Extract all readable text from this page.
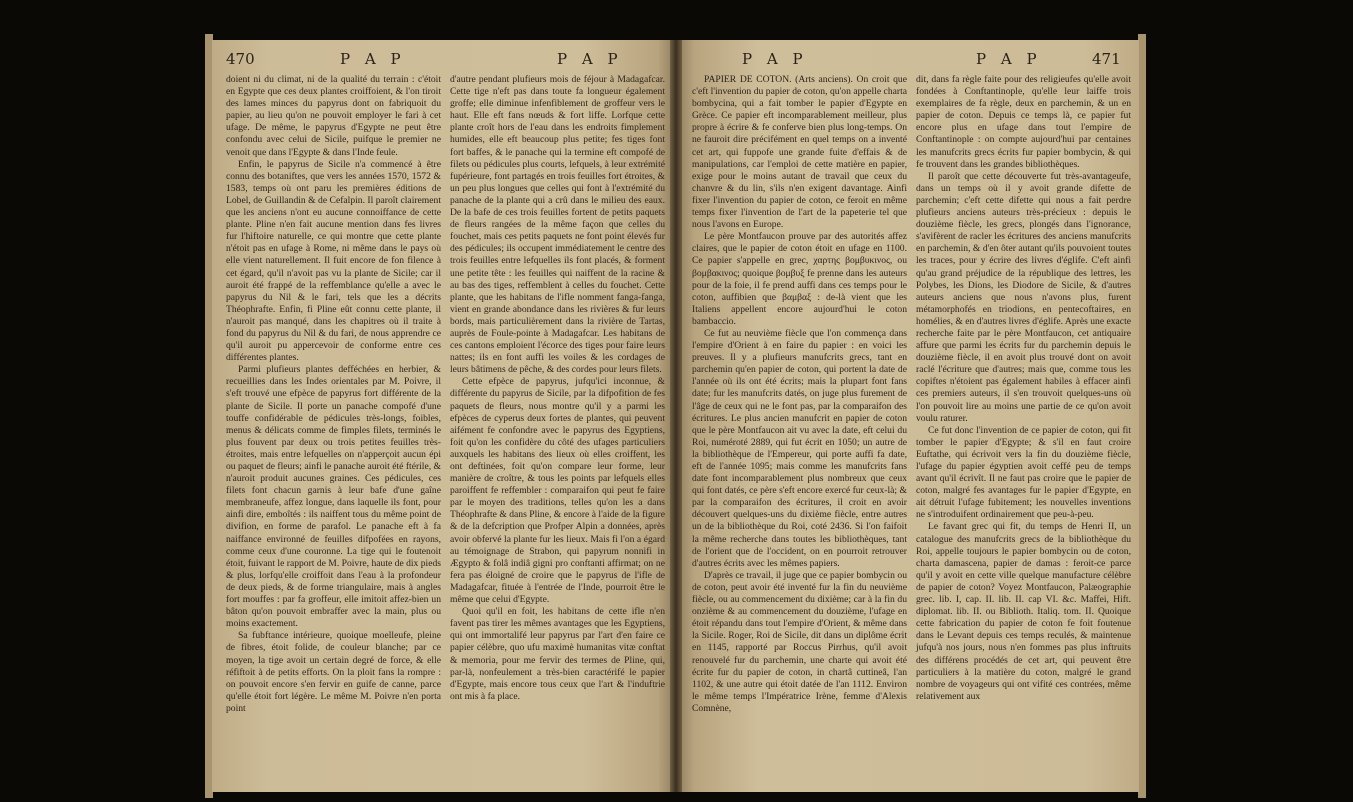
470	P A P	P A P

doient ni du climat, ni de la qualité du terrain : c'étoit en Egypte que ces deux plantes croiffoient, & l'on tiroit des lames minces du papyrus dont on fabriquoit du papier, au lieu qu'on ne pouvoit employer le fari à cet ufage. De même, le papyrus d'Egypte ne peut être confondu avec celui de Sicile, puifque le premier ne venoit que dans l'Egypte & dans l'Inde feule.

Enfin, le papyrus de Sicile n'a commencé à être connu des botaniftes, que vers les années 1570, 1572 & 1583, temps où ont paru les premières éditions de Lobel, de Guillandin & de Cefalpin. Il paroît clairement que les anciens n'ont eu aucune connoiffance de cette plante. Pline n'en fait aucune mention dans fes livres fur l'hiftoire naturelle, ce qui montre que cette plante n'étoit pas en ufage à Rome, ni même dans le pays où elle vient naturellement. Il fuit encore de fon filence à cet égard, qu'il n'avoit pas vu la plante de Sicile; car il auroit été frappé de la reffemblance qu'elle a avec le papyrus du Nil & le fari, tels que les a décrits Théophrafte. Enfin, fi Pline eût connu cette plante, il n'auroit pas manqué, dans les chapitres où il traite à fond du papyrus du Nil & du fari, de nous apprendre ce qu'il auroit pu appercevoir de conforme entre ces différentes plantes.

Parmi plufieurs plantes defféchées en herbier, & recueillies dans les Indes orientales par M. Poivre, il s'eft trouvé une efpèce de papyrus fort différente de la plante de Sicile. Il porte un panache compofé d'une touffe confidérable de pédicules très-longs, foibles, menus & délicats comme de fimples filets, terminés le plus fouvent par deux ou trois petites feuilles très-étroites, mais entre lefquelles on n'apperçoit aucun épi ou paquet de fleurs; ainfi le panache auroit été ftérile, & n'auroit produit aucunes graines. Ces pédicules, ces filets font chacun garnis à leur bafe d'une gaîne membraneufe, affez longue, dans laquelle ils font, pour ainfi dire, emboîtés : ils naiffent tous du même point de divifion, en forme de parafol. Le panache eft à fa naiffance environné de feuilles difpofées en rayons, comme ceux d'une couronne. La tige qui le foutenoit étoit, fuivant le rapport de M. Poivre, haute de dix pieds & plus, lorfqu'elle croiffoit dans l'eau à la profondeur de deux pieds, & de forme triangulaire, mais à angles fort mouffes : par fa groffeur, elle imitoit affez-bien un bâton qu'on pouvoit embraffer avec la main, plus ou moins exactement.

Sa fubftance intérieure, quoique moelleufe, pleine de fibres, étoit folide, de couleur blanche; par ce moyen, la tige avoit un certain degré de force, & elle réfiftoit à de petits efforts. On la ploit fans la rompre : on pouvoit encore s'en fervir en guife de canne, parce qu'elle étoit fort légère. Le même M. Poivre n'en porta point

d'autre pendant plufieurs mois de féjour à Madagafcar. Cette tige n'eft pas dans toute fa longueur également groffe; elle diminue infenfiblement de groffeur vers le haut. Elle eft fans nœuds & fort liffe. Lorfque cette plante croît hors de l'eau dans les endroits fimplement humides, elle eft beaucoup plus petite; fes tiges font fort baffes, & le panache qui la termine eft compofé de filets ou pédicules plus courts, lefquels, à leur extrémité fupérieure, font partagés en trois feuilles fort étroites, & un peu plus longues que celles qui font à l'extrémité du panache de la plante qui a crû dans le milieu des eaux. De la bafe de ces trois feuilles fortent de petits paquets de fleurs rangées de la même façon que celles du fouchet, mais ces petits paquets ne font point élevés fur des pédicules; ils occupent immédiatement le centre des trois feuilles entre lefquelles ils font placés, & forment une petite tête : les feuilles qui naiffent de la racine & au bas des tiges, reffemblent à celles du fouchet. Cette plante, que les habitans de l'ifle nomment fanga-fanga, vient en grande abondance dans les rivières & fur leurs bords, mais particulièrement dans la rivière de Tartas, auprès de Foule-pointe à Madagafcar. Les habitans de ces cantons emploient l'écorce des tiges pour faire leurs nattes; ils en font auffi les voiles & les cordages de leurs bâtimens de pêche, & des cordes pour leurs filets.

Cette efpèce de papyrus, jufqu'ici inconnue, & différente du papyrus de Sicile, par la difpofition de fes paquets de fleurs, nous montre qu'il y a parmi les efpèces de cyperus deux fortes de plantes, qui peuvent aifément fe confondre avec le papyrus des Egyptiens, foit qu'on les confidère du côté des ufages particuliers auxquels les habitans des lieux où elles croiffent, les ont deftinées, foit qu'on compare leur forme, leur manière de croître, & tous les points par lefquels elles paroiffent fe reffembler : comparaifon qui peut fe faire par le moyen des traditions, telles qu'on les a dans Théophrafte & dans Pline, & encore à l'aide de la figure & de la defcription que Profper Alpin a données, après avoir obfervé la plante fur les lieux. Mais fi l'on a égard au témoignage de Strabon, qui papyrum nonnifi in Ægypto & folâ indiâ gigni pro conftanti affirmat; on ne fera pas éloigné de croire que le papyrus de l'ifle de Madagafcar, fituée à l'entrée de l'Inde, pourroit être le même que celui d'Egypte.

Quoi qu'il en foit, les habitans de cette ifle n'en favent pas tirer les mêmes avantages que les Egyptiens, qui ont immortalifé leur papyrus par l'art d'en faire ce papier célèbre, quo ufu maximè humanitas vitæ conftat & memoria, pour me fervir des termes de Pline, qui, par-là, nonfeulement a très-bien caractérifé le papier d'Egypte, mais encore tous ceux que l'art & l'induftrie ont mis à fa place.

P A P	P A P	471

PAPIER DE COTON. (Arts anciens). On croit que c'eft l'invention du papier de coton, qu'on appelle charta bombycina, qui a fait tomber le papier d'Egypte en Grèce. Ce papier eft incomparablement meilleur, plus propre à écrire & fe conferve bien plus long-temps. On ne fauroit dire précifément en quel temps on a inventé cet art, qui fuppofe une grande fuite d'effais & de manipulations, car l'emploi de cette matière en papier, exige pour le moins autant de travail que ceux du chanvre & du lin, s'ils n'en exigent davantage. Ainfi fixer l'invention du papier de coton, ce feroit en même temps fixer l'invention de l'art de la papeterie tel que nous l'avons en Europe.

Le père Montfaucon prouve par des autorités affez claires, que le papier de coton étoit en ufage en 1100. Ce papier s'appelle en grec, χαρτης βομβυκινος, ou βομβακινος; quoique βομβυξ fe prenne dans les auteurs pour de la foie, il fe prend auffi dans ces temps pour le coton, auffibien que βαμβαξ : de-là vient que les Italiens appellent encore aujourd'hui le coton bambaccio.

Ce fut au neuvième fiècle que l'on commença dans l'empire d'Orient à en faire du papier : en voici les preuves. Il y a plufieurs manufcrits grecs, tant en parchemin qu'en papier de coton, qui portent la date de l'année où ils ont été écrits; mais la plupart font fans date; fur les manufcrits datés, on juge plus furement de l'âge de ceux qui ne le font pas, par la comparaifon des écritures. Le plus ancien manufcrit en papier de coton que le père Montfaucon ait vu avec la date, eft celui du Roi, numéroté 2889, qui fut écrit en 1050; un autre de la bibliothèque de l'Empereur, qui porte auffi fa date, eft de l'année 1095; mais comme les manufcrits fans date font incomparablement plus nombreux que ceux qui font datés, ce père s'eft encore exercé fur ceux-là; & par la comparaifon des écritures, il croit en avoir découvert quelques-uns du dixième fiècle, entre autres un de la bibliothèque du Roi, coté 2436. Si l'on faifoit la même recherche dans toutes les bibliothèques, tant de l'orient que de l'occident, on en pourroit retrouver d'autres écrits avec les mêmes papiers.

D'après ce travail, il juge que ce papier bombycin ou de coton, peut avoir été inventé fur la fin du neuvième fiècle, ou au commencement du dixième; car à la fin du onzième & au commencement du douzième, l'ufage en étoit répandu dans tout l'empire d'Orient, & même dans la Sicile. Roger, Roi de Sicile, dit dans un diplôme écrit en 1145, rapporté par Roccus Pirrhus, qu'il avoit renouvelé fur du parchemin, une charte qui avoit été écrite fur du papier de coton, in chartâ cuttineâ, l'an 1102, & une autre qui étoit datée de l'an 1112. Environ le même temps l'Impératrice Irène, femme d'Alexis Comnène,

dit, dans fa règle faite pour des religieufes qu'elle avoit fondées à Conftantinople, qu'elle leur laiffe trois exemplaires de fa règle, deux en parchemin, & un en papier de coton. Depuis ce temps là, ce papier fut encore plus en ufage dans tout l'empire de Conftantinople : on compte aujourd'hui par centaines les manufcrits grecs écrits fur papier bombycin, & qui fe trouvent dans les grandes bibliothèques.

Il paroît que cette découverte fut très-avantageufe, dans un temps où il y avoit grande difette de parchemin; c'eft cette difette qui nous a fait perdre plufieurs anciens auteurs très-précieux : depuis le douzième fiècle, les grecs, plongés dans l'ignorance, s'avifèrent de racler les écritures des anciens manufcrits en parchemin, & d'en ôter autant qu'ils pouvoient toutes les traces, pour y écrire des livres d'églife. C'eft ainfi qu'au grand préjudice de la république des lettres, les Polybes, les Dions, les Diodore de Sicile, & d'autres auteurs anciens que nous n'avons plus, furent métamorphofés en triodions, en pentecoftaires, en homélies, & en d'autres livres d'églife. Après une exacte recherche faite par le père Montfaucon, cet antiquaire affure que parmi les écrits fur du parchemin depuis le douzième fiècle, il en avoit plus trouvé dont on avoit raclé l'écriture que d'autres; mais que, comme tous les copiftes n'étoient pas également habiles à effacer ainfi ces premiers auteurs, il s'en trouvoit quelques-uns où l'on pouvoit lire au moins une partie de ce qu'on avoit voulu raturer.

Ce fut donc l'invention de ce papier de coton, qui fit tomber le papier d'Egypte; & s'il en faut croire Euftathe, qui écrivoit vers la fin du douzième fiècle, l'ufage du papier égyptien avoit ceffé peu de temps avant qu'il écrivît. Il ne faut pas croire que le papier de coton, malgré fes avantages fur le papier d'Egypte, en ait détruit l'ufage fubitement; les nouvelles inventions ne s'introduifent ordinairement que peu-à-peu.

Le favant grec qui fit, du temps de Henri II, un catalogue des manufcrits grecs de la bibliothèque du Roi, appelle toujours le papier bombycin ou de coton, charta damascena, papier de damas : feroit-ce parce qu'il y avoit en cette ville quelque manufacture célèbre de papier de coton? Voyez Montfaucon, Palæographie grec. lib. I, cap. II. lib. II. cap VI. &c. Maffei, Hift. diplomat. lib. II. ou Biblioth. Italiq. tom. II. Quoique cette fabrication du papier de coton fe foit foutenue dans le Levant depuis ces temps reculés, & maintenue jufqu'à nos jours, nous n'en fommes pas plus inftruits des différens procédés de cet art, qui peuvent être particuliers à la matière du coton, malgré le grand nombre de voyageurs qui ont vifité ces contrées, même relativement aux
